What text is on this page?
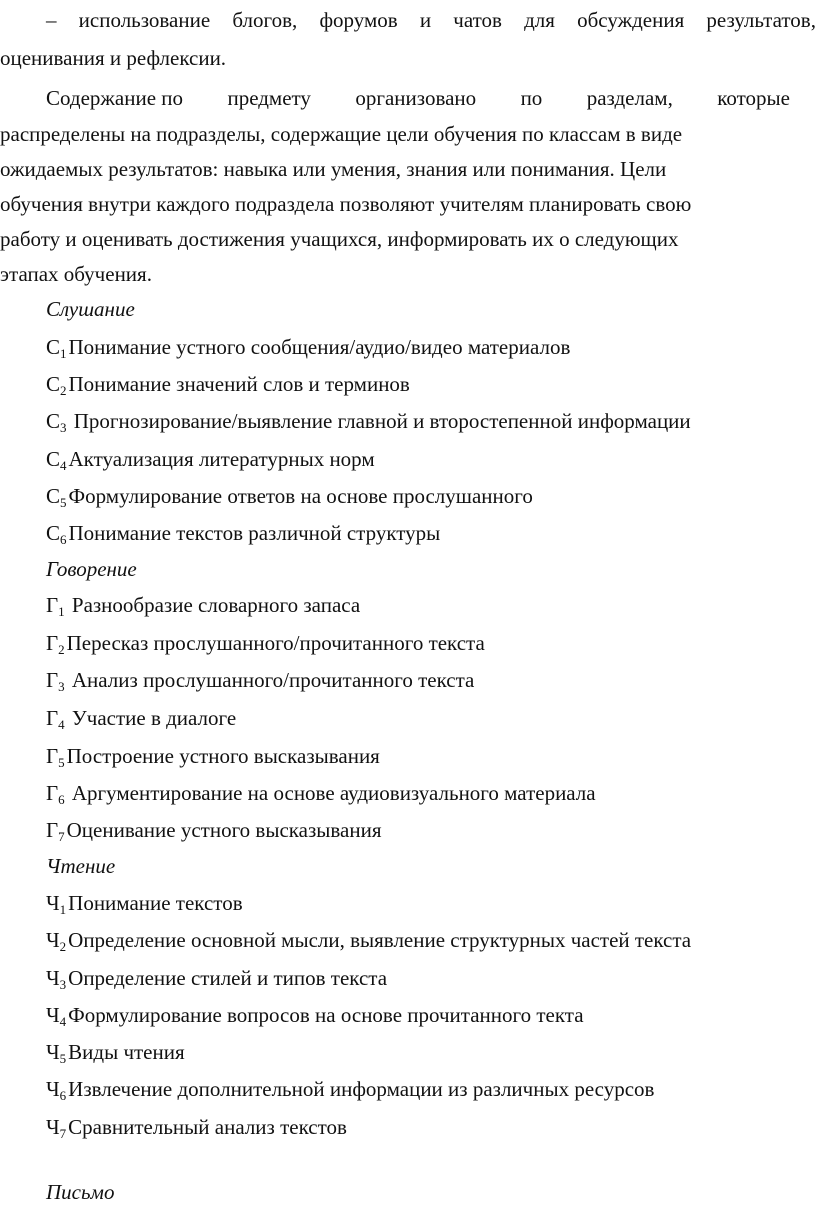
– использование блогов, форумов и чатов для обсуждения результатов,
оценивания и рефлексии.
Содержание по предмету организовано по разделам, которые
распределены на подразделы, содержащие цели обучения по классам в виде
ожидаемых результатов: навыка или умения, знания или понимания. Цели
обучения внутри каждого подраздела позволяют учителям планировать свою
работу и оценивать достижения учащихся, информировать их о следующих
этапах обучения.
Слушание
$С_1Понимание$ устного сообщения/аудио/видео материалов
$С_2Понимание$ значений слов и терминов
$С_3$ Прогнозирование/выявление главной и второстепенной информации
$С_4Актуализация$ литературных норм
$С_5Формулирование$ ответов на основе прослушанного
$С_6Понимание$ текстов различной структуры
Говорение
$Г_1$ Разнообразие словарного запаса
$Г_2Пересказ$ прослушанного/прочитанного текста
$Г_3$ Анализ прослушанного/прочитанного текста
$Г_4$ Участие в диалоге
$Г_5Построение$ устного высказывания
$Г_6$ Аргументирование на основе аудиовизуального материала
$Г_7Оценивание$ устного высказывания
Чтение
$Ч_1Понимание$ текстов
$Ч_2Определение$ основной мысли, выявление структурных частей текста
$Ч_3Определение$ стилей и типов текста
$Ч_4Формулирование$ вопросов на основе прочитанного текта
$Ч_5Виды$ чтения
$Ч_6Извлечение$ дополнительной информации из различных ресурсов
$Ч_7Сравнительный$ анализ текстов
Письмо
